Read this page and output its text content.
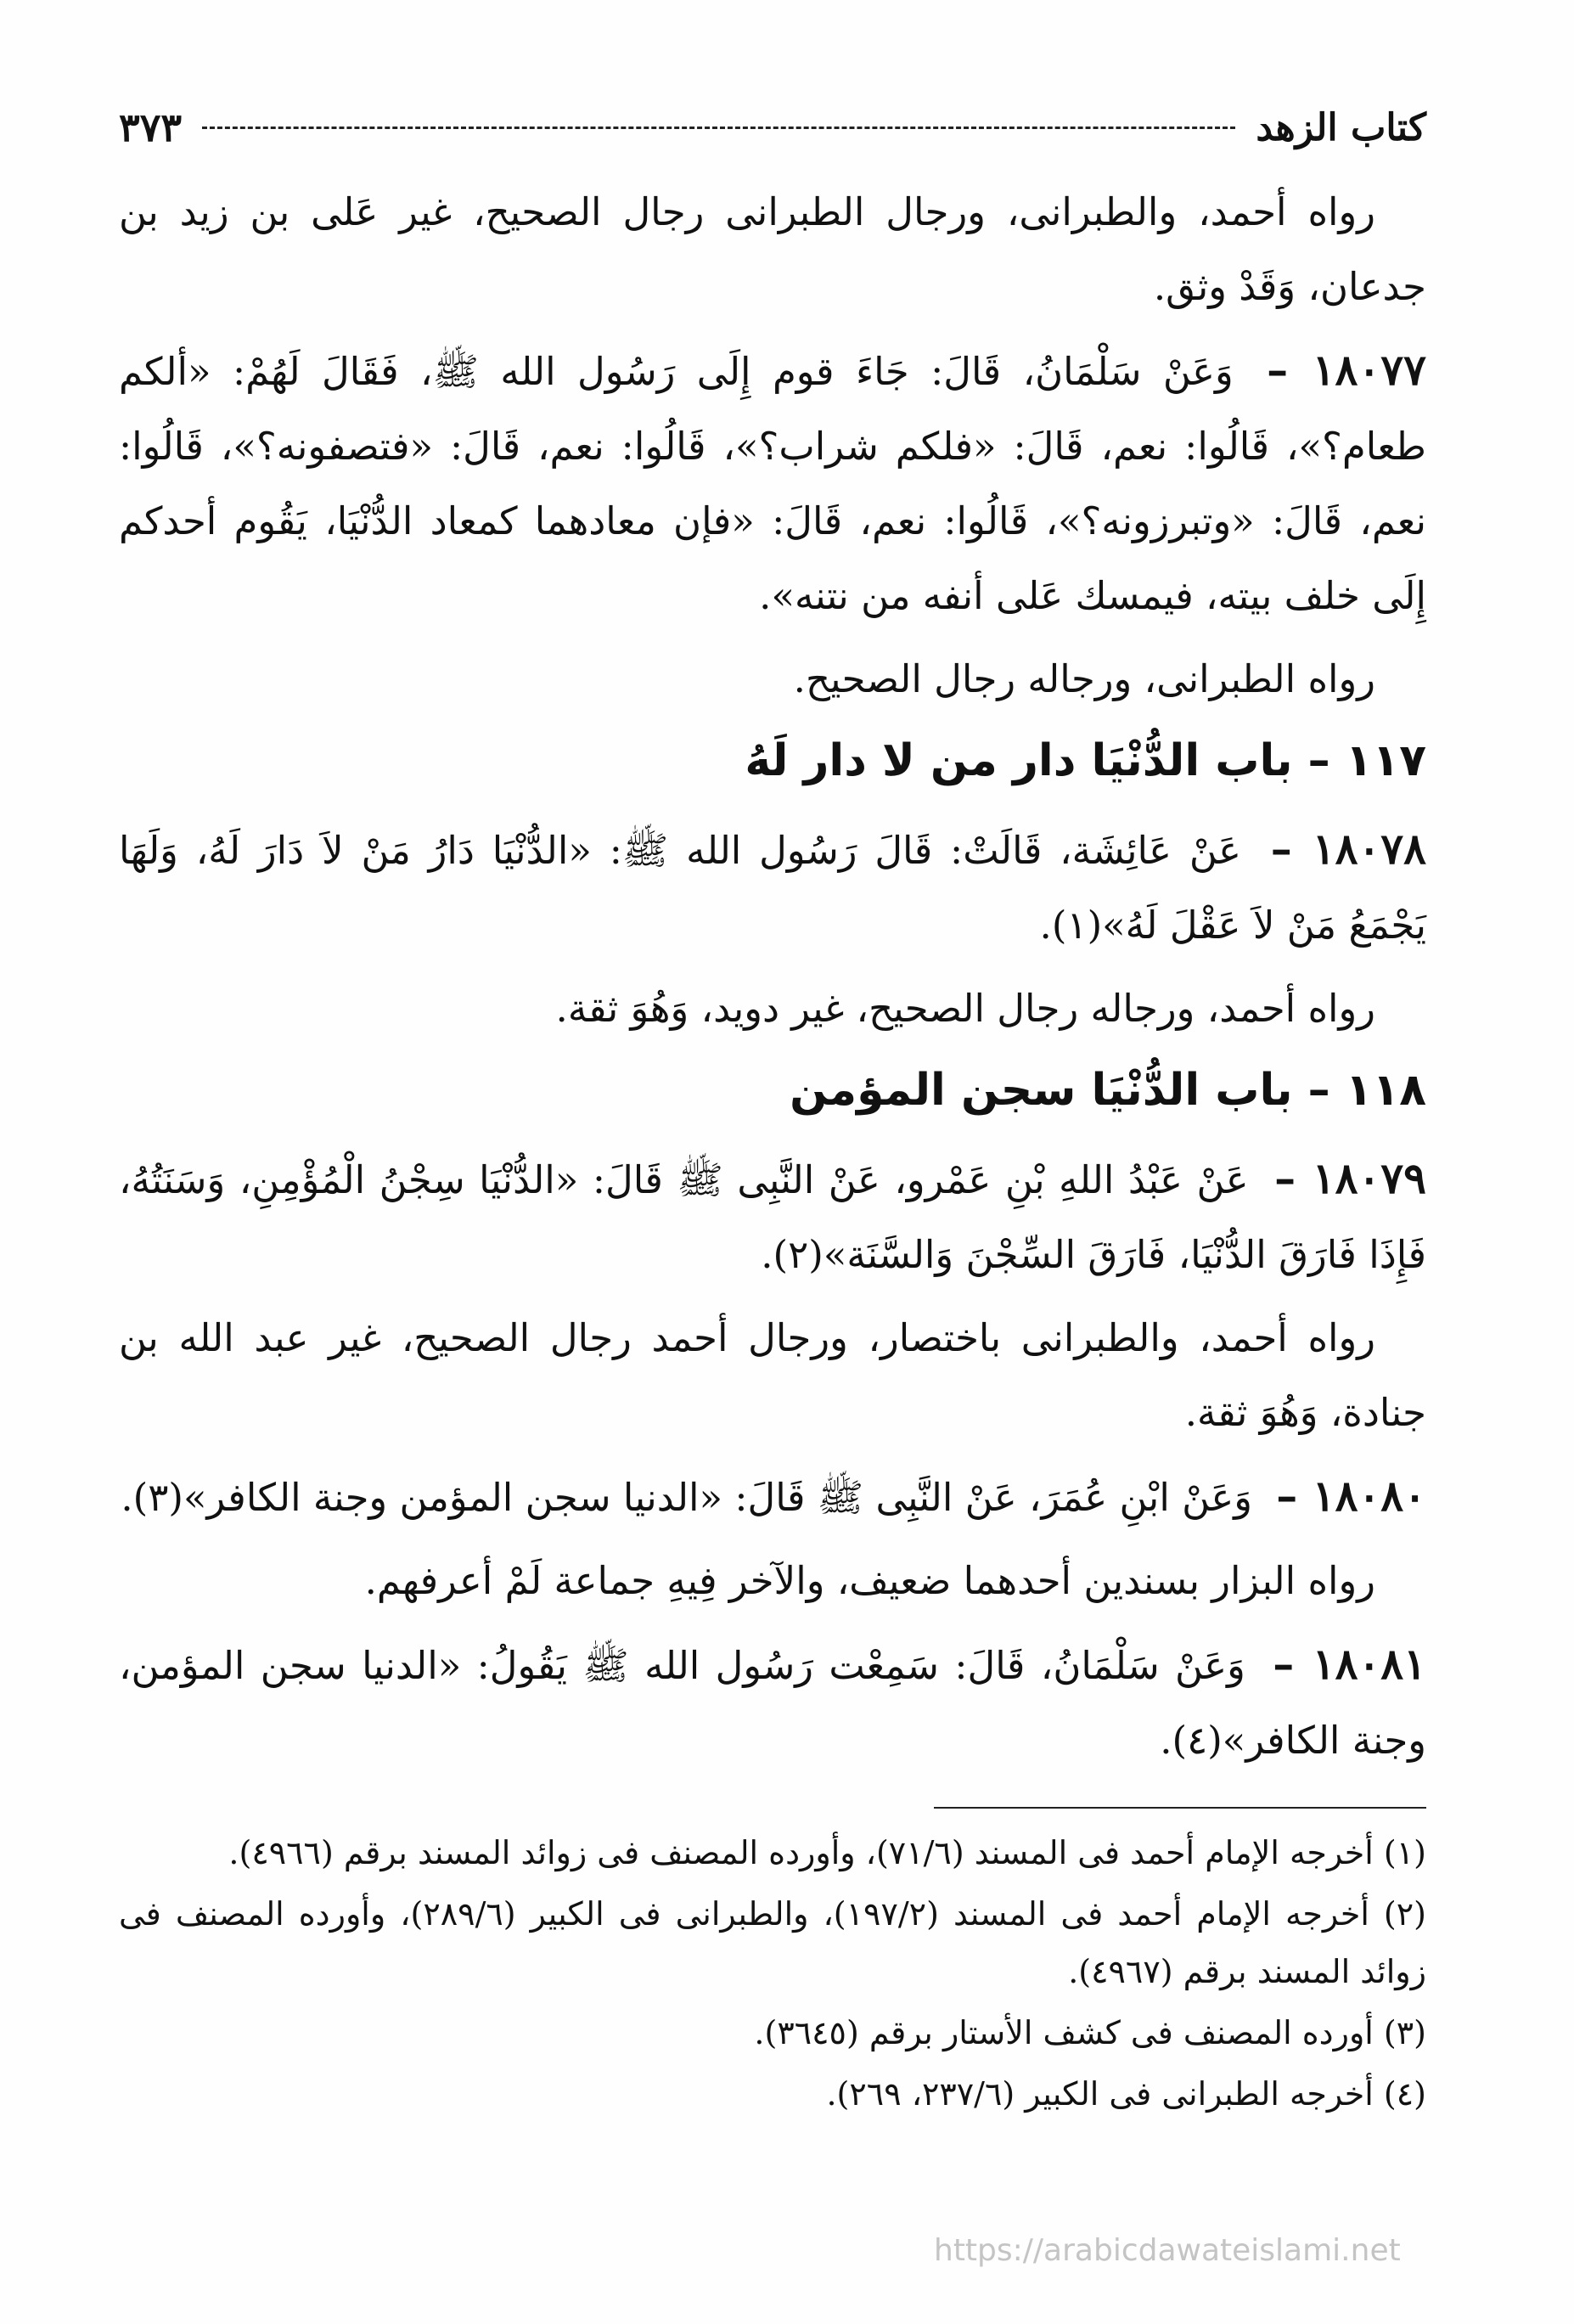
كتاب الزهد
٣٧٣

رواه أحمد، والطبرانى، ورجال الطبرانى رجال الصحيح، غير عَلى بن زيد بن جدعان، وَقَدْ وثق.

١٨٠٧٧ – وَعَنْ سَلْمَانُ، قَالَ: جَاءَ قوم إِلَى رَسُول الله ﷺ، فَقَالَ لَهُمْ: «ألكم طعام؟»، قَالُوا: نعم، قَالَ: «فلكم شراب؟»، قَالُوا: نعم، قَالَ: «فتصفونه؟»، قَالُوا: نعم، قَالَ: «وتبرزونه؟»، قَالُوا: نعم، قَالَ: «فإن معادهما كمعاد الدُّنْيَا، يَقُوم أحدكم إِلَى خلف بيته، فيمسك عَلى أنفه من نتنه».

رواه الطبرانى، ورجاله رجال الصحيح.

١١٧ – باب الدُّنْيَا دار من لا دار لَهُ

١٨٠٧٨ – عَنْ عَائِشَة، قَالَتْ: قَالَ رَسُول الله ﷺ: «الدُّنْيَا دَارُ مَنْ لاَ دَارَ لَهُ، وَلَهَا يَجْمَعُ مَنْ لاَ عَقْلَ لَهُ»(١).

رواه أحمد، ورجاله رجال الصحيح، غير دويد، وَهُوَ ثقة.

١١٨ – باب الدُّنْيَا سجن المؤمن

١٨٠٧٩ – عَنْ عَبْدُ اللهِ بْنِ عَمْرو، عَنْ النَّبِى ﷺ قَالَ: «الدُّنْيَا سِجْنُ الْمُؤْمِنِ، وَسَنَتُهُ، فَإِذَا فَارَقَ الدُّنْيَا، فَارَقَ السِّجْنَ وَالسَّنَة»(٢).

رواه أحمد، والطبرانى باختصار، ورجال أحمد رجال الصحيح، غير عبد الله بن جنادة، وَهُوَ ثقة.

١٨٠٨٠ – وَعَنْ ابْنِ عُمَرَ، عَنْ النَّبِى ﷺ قَالَ: «الدنيا سجن المؤمن وجنة الكافر»(٣).

رواه البزار بسندين أحدهما ضعيف، والآخر فِيهِ جماعة لَمْ أعرفهم.

١٨٠٨١ – وَعَنْ سَلْمَانُ، قَالَ: سَمِعْت رَسُول الله ﷺ يَقُولُ: «الدنيا سجن المؤمن، وجنة الكافر»(٤).

(١) أخرجه الإمام أحمد فى المسند (٧١/٦)، وأورده المصنف فى زوائد المسند برقم (٤٩٦٦).

(٢) أخرجه الإمام أحمد فى المسند (١٩٧/٢)، والطبرانى فى الكبير (٢٨٩/٦)، وأورده المصنف فى زوائد المسند برقم (٤٩٦٧).

(٣) أورده المصنف فى كشف الأستار برقم (٣٦٤٥).

(٤) أخرجه الطبرانى فى الكبير (٢٣٧/٦، ٢٦٩).

https://arabicdawateislami.net
